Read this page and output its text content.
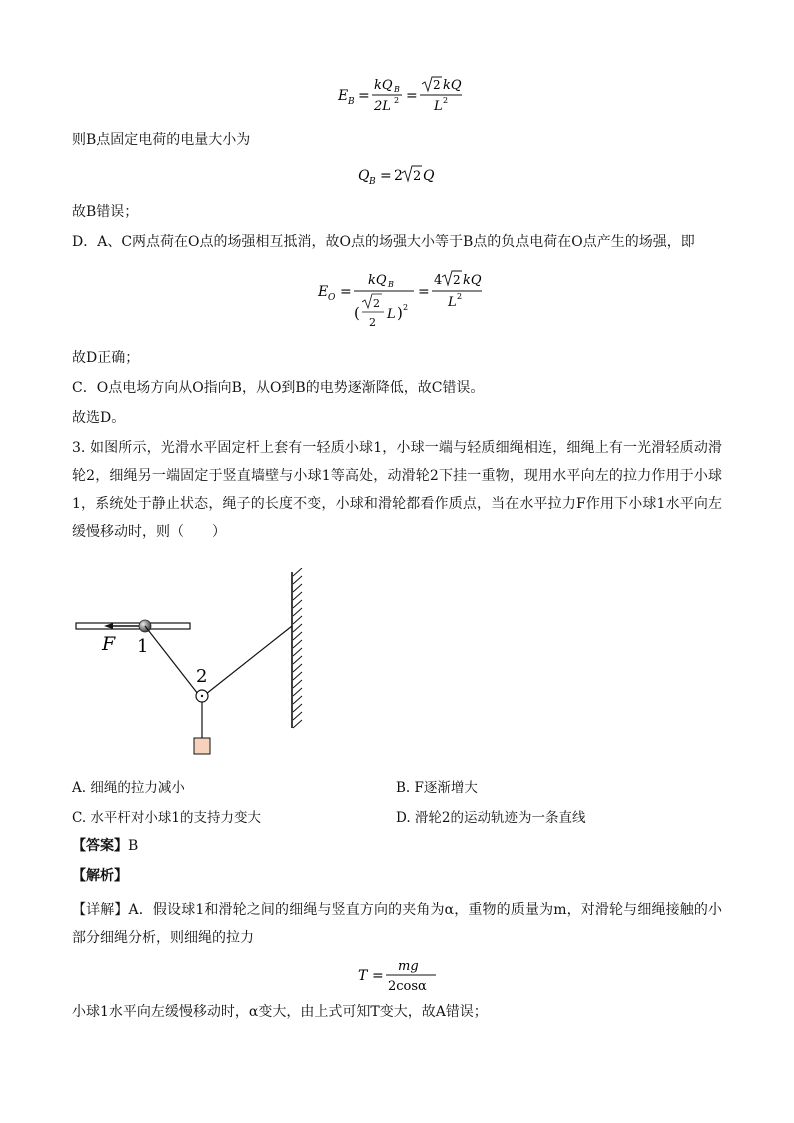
E B =
kQ B
2L 2 =
2 kQ
L 2
则B点固定电荷的电量大小为
Q B = 2 2 Q
故B错误；
D．A、C两点荷在O点的场强相互抵消，故O点的场强大小等于B点的负点电荷在O点产生的场强，即
E O =
kQ B
(
2
2
L ) 2
=
4 2 kQ
L 2
故D正确；
C．O点电场方向从O指向B，从O到B的电势逐渐降低，故C错误。
故选D。
3. 如图所示，光滑水平固定杆上套有一轻质小球1，小球一端与轻质细绳相连，细绳上有一光滑轻质动滑轮2，细绳另一端固定于竖直墙壁与小球1等高处，动滑轮2下挂一重物，现用水平向左的拉力作用于小球1，系统处于静止状态，绳子的长度不变，小球和滑轮都看作质点，当在水平拉力F作用下小球1水平向左缓慢移动时，则（　　）
F 1
2
A. 细绳的拉力减小	B. F逐渐增大
C. 水平杆对小球1的支持力变大	D. 滑轮2的运动轨迹为一条直线
【答案】B
【解析】
【详解】A．假设球1和滑轮之间的细绳与竖直方向的夹角为α，重物的质量为m，对滑轮与细绳接触的小部分细绳分析，则细绳的拉力
T =
mg
2cosα
小球1水平向左缓慢移动时，α变大，由上式可知T变大，故A错误；
